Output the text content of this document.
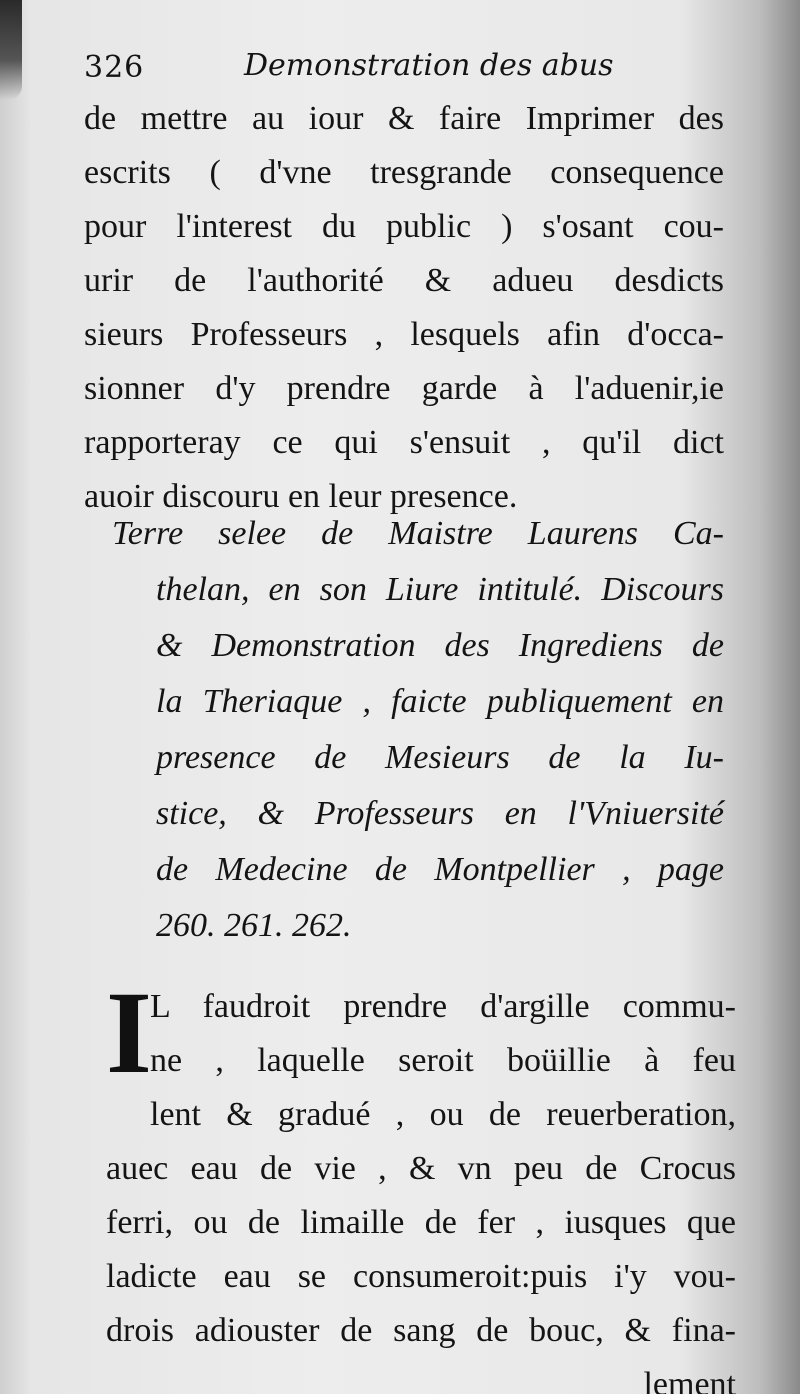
326	Demonstration des abus
de mettre au iour & faire Imprimer des
escrits ( d'vne tresgrande consequence
pour l'interest du public ) s'osant cou-
urir de l'authorité & adueu desdicts
sieurs Professeurs , lesquels afin d'occa-
sionner d'y prendre garde à l'aduenir,ie
rapporteray ce qui s'ensuit , qu'il dict
auoir discouru en leur presence.
Terre selee de Maistre Laurens Ca-
thelan, en son Liure intitulé. Discours
& Demonstration des Ingrediens de
la Theriaque , faicte publiquement en
presence de Mesieurs de la Iu-
stice, & Professeurs en l'Vniuersité
de Medecine de Montpellier , page
260. 261. 262.
I
L faudroit prendre d'argille commu-
ne , laquelle seroit boüillie à feu
lent & gradué , ou de reuerberation,
auec eau de vie , & vn peu de Crocus
ferri, ou de limaille de fer , iusques que
ladicte eau se consumeroit:puis i'y vou-
drois adiouster de sang de bouc, & fina-
lement
